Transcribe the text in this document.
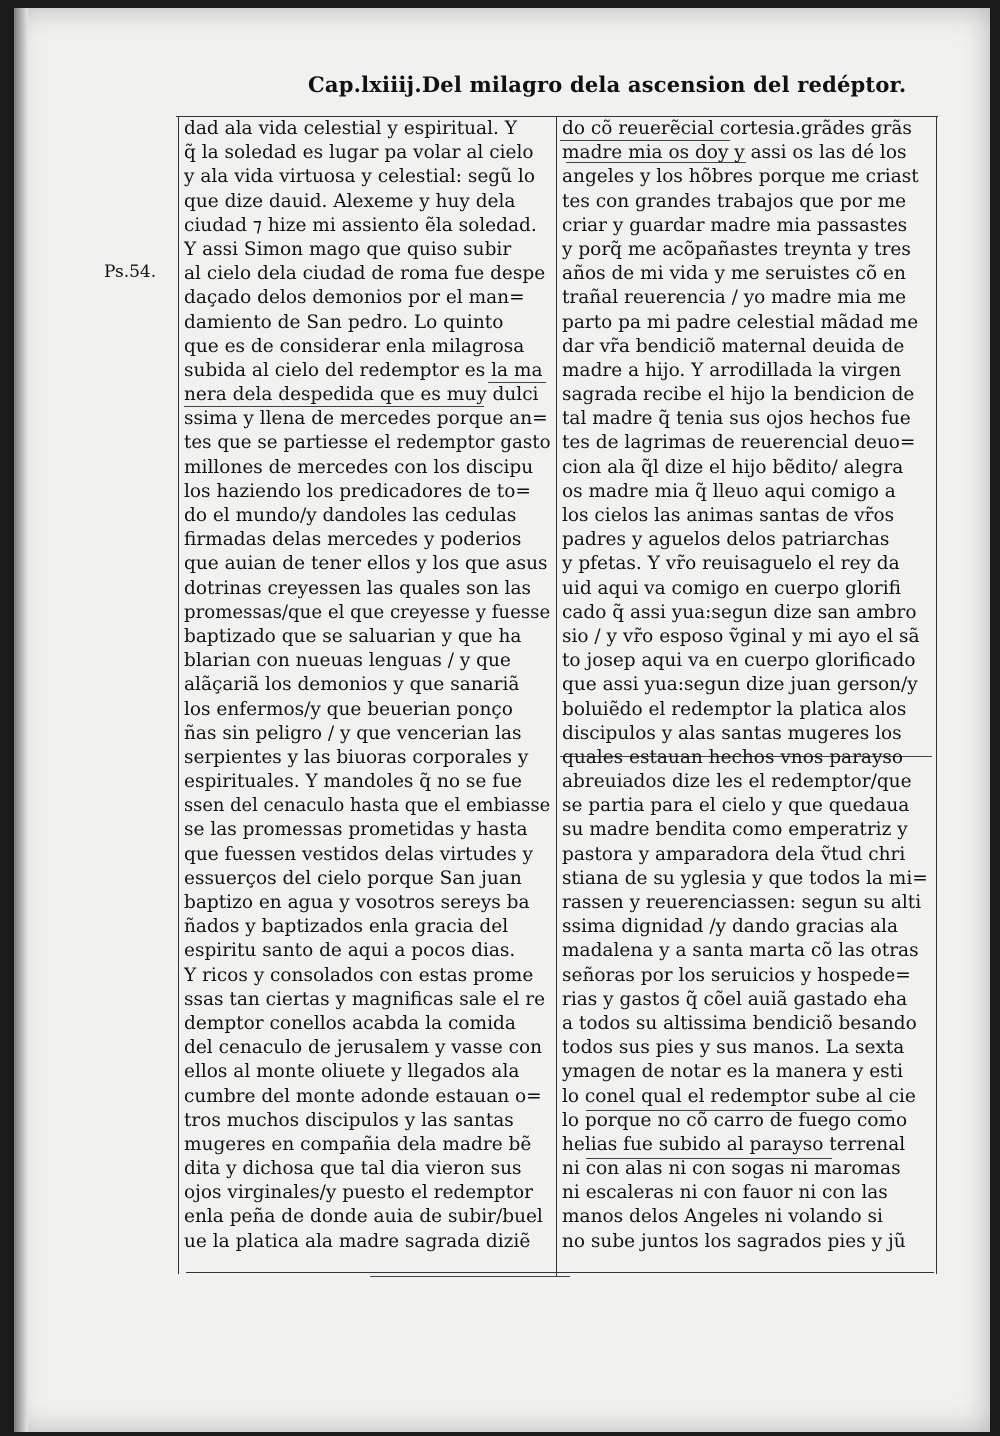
Cap.lxiiij.Del milagro dela ascension del redéptor.
Ps.54.
dad ala vida celestial y espiritual. Y
q̃ la soledad es lugar pa volar al cielo
y ala vida virtuosa y celestial: segũ lo
que dize dauid. Alexeme y huy dela
ciudad ⁊ hize mi assiento ẽla soledad.
Y assi Simon mago que quiso subir
al cielo dela ciudad de roma fue despe
daçado delos demonios por el man=
damiento de San pedro. Lo quinto
que es de considerar enla milagrosa
subida al cielo del redemptor es la ma
nera dela despedida que es muy dulci
ssima y llena de mercedes porque an=
tes que se partiesse el redemptor gasto
millones de mercedes con los discipu
los haziendo los predicadores de to=
do el mundo/y dandoles las cedulas
firmadas delas mercedes y poderios
que auian de tener ellos y los que asus
dotrinas creyessen las quales son las
promessas/que el que creyesse y fuesse
baptizado que se saluarian y que ha
blarian con nueuas lenguas / y que
alãçariã los demonios y que sanariã
los enfermos/y que beuerian ponço
ñas sin peligro / y que vencerian las
serpientes y las biuoras corporales y
espirituales. Y mandoles q̃ no se fue
ssen del cenaculo hasta que el embiasse
se las promessas prometidas y hasta
que fuessen vestidos delas virtudes y
essuerços del cielo porque San juan
baptizo en agua y vosotros sereys ba
ñados y baptizados enla gracia del
espiritu santo de aqui a pocos dias.
Y ricos y consolados con estas prome
ssas tan ciertas y magnificas sale el re
demptor conellos acabda la comida
del cenaculo de jerusalem y vasse con
ellos al monte oliuete y llegados ala
cumbre del monte adonde estauan o=
tros muchos discipulos y las santas
mugeres en compañia dela madre bẽ
dita y dichosa que tal dia vieron sus
ojos virginales/y puesto el redemptor
enla peña de donde auia de subir/buel
ue la platica ala madre sagrada diziẽ
do cõ reuerẽcial cortesia.grãdes grãs
madre mia os doy y assi os las dé los
angeles y los hõbres porque me criast
tes con grandes trabajos que por me
criar y guardar madre mia passastes
y porq̃ me acõpañastes treynta y tres
años de mi vida y me seruistes cõ en
trañal reuerencia / yo madre mia me
parto pa mi padre celestial mãdad me
dar vr̃a bendiciõ maternal deuida de
madre a hijo. Y arrodillada la virgen
sagrada recibe el hijo la bendicion de
tal madre q̃ tenia sus ojos hechos fue
tes de lagrimas de reuerencial deuo=
cion ala q̃l dize el hijo bẽdito/ alegra
os madre mia q̃ lleuo aqui comigo a
los cielos las animas santas de vr̃os
padres y aguelos delos patriarchas
y pfetas. Y vr̃o reuisaguelo el rey da
uid aqui va comigo en cuerpo glorifi
cado q̃ assi yua:segun dize san ambro
sio / y vr̃o esposo ṽginal y mi ayo el sã
to josep aqui va en cuerpo glorificado
que assi yua:segun dize juan gerson/y
boluiẽdo el redemptor la platica alos
discipulos y alas santas mugeres los
quales estauan hechos vnos parayso
abreuiados dize les el redemptor/que
se partia para el cielo y que quedaua
su madre bendita como emperatriz y
pastora y amparadora dela ṽtud chri
stiana de su yglesia y que todos la mi=
rassen y reuerenciassen: segun su alti
ssima dignidad /y dando gracias ala
madalena y a santa marta cõ las otras
señoras por los seruicios y hospede=
rias y gastos q̃ cõel auiã gastado eha
a todos su altissima bendiciõ besando
todos sus pies y sus manos. La sexta
ymagen de notar es la manera y esti
lo conel qual el redemptor sube al cie
lo porque no cõ carro de fuego como
helias fue subido al parayso terrenal
ni con alas ni con sogas ni maromas
ni escaleras ni con fauor ni con las
manos delos Angeles ni volando si
no sube juntos los sagrados pies y jũ
